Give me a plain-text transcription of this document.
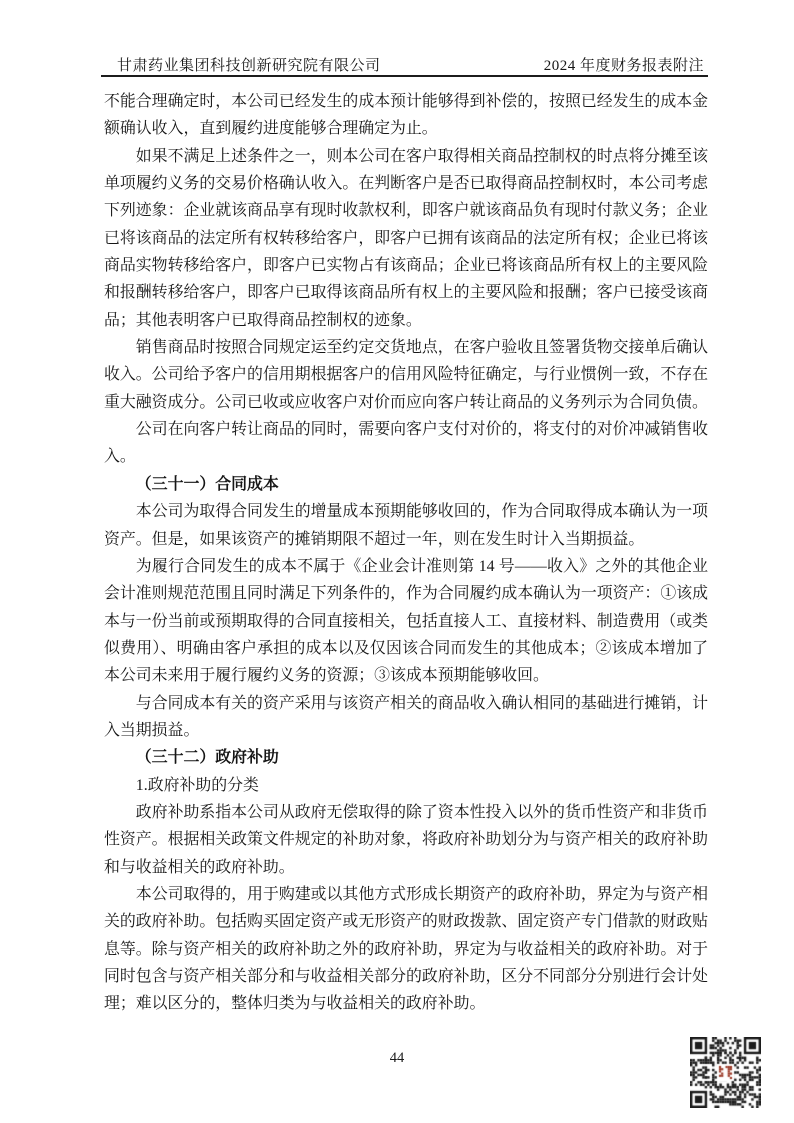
甘肃药业集团科技创新研究院有限公司	2024 年度财务报表附注

不能合理确定时，本公司已经发生的成本预计能够得到补偿的，按照已经发生的成本金额确认收入，直到履约进度能够合理确定为止。

如果不满足上述条件之一，则本公司在客户取得相关商品控制权的时点将分摊至该单项履约义务的交易价格确认收入。在判断客户是否已取得商品控制权时，本公司考虑下列迹象：企业就该商品享有现时收款权利，即客户就该商品负有现时付款义务；企业已将该商品的法定所有权转移给客户，即客户已拥有该商品的法定所有权；企业已将该商品实物转移给客户，即客户已实物占有该商品；企业已将该商品所有权上的主要风险和报酬转移给客户，即客户已取得该商品所有权上的主要风险和报酬；客户已接受该商品；其他表明客户已取得商品控制权的迹象。

销售商品时按照合同规定运至约定交货地点，在客户验收且签署货物交接单后确认收入。公司给予客户的信用期根据客户的信用风险特征确定，与行业惯例一致，不存在重大融资成分。公司已收或应收客户对价而应向客户转让商品的义务列示为合同负债。

公司在向客户转让商品的同时，需要向客户支付对价的，将支付的对价冲减销售收入。

（三十一）合同成本

本公司为取得合同发生的增量成本预期能够收回的，作为合同取得成本确认为一项资产。但是，如果该资产的摊销期限不超过一年，则在发生时计入当期损益。

为履行合同发生的成本不属于《企业会计准则第 14 号——收入》之外的其他企业会计准则规范范围且同时满足下列条件的，作为合同履约成本确认为一项资产：①该成本与一份当前或预期取得的合同直接相关，包括直接人工、直接材料、制造费用（或类似费用）、明确由客户承担的成本以及仅因该合同而发生的其他成本；②该成本增加了本公司未来用于履行履约义务的资源；③该成本预期能够收回。

与合同成本有关的资产采用与该资产相关的商品收入确认相同的基础进行摊销，计入当期损益。

（三十二）政府补助

1.政府补助的分类

政府补助系指本公司从政府无偿取得的除了资本性投入以外的货币性资产和非货币性资产。根据相关政策文件规定的补助对象，将政府补助划分为与资产相关的政府补助和与收益相关的政府补助。

本公司取得的，用于购建或以其他方式形成长期资产的政府补助，界定为与资产相关的政府补助。包括购买固定资产或无形资产的财政拨款、固定资产专门借款的财政贴息等。除与资产相关的政府补助之外的政府补助，界定为与收益相关的政府补助。对于同时包含与资产相关部分和与收益相关部分的政府补助，区分不同部分分别进行会计处理；难以区分的，整体归类为与收益相关的政府补助。

44
